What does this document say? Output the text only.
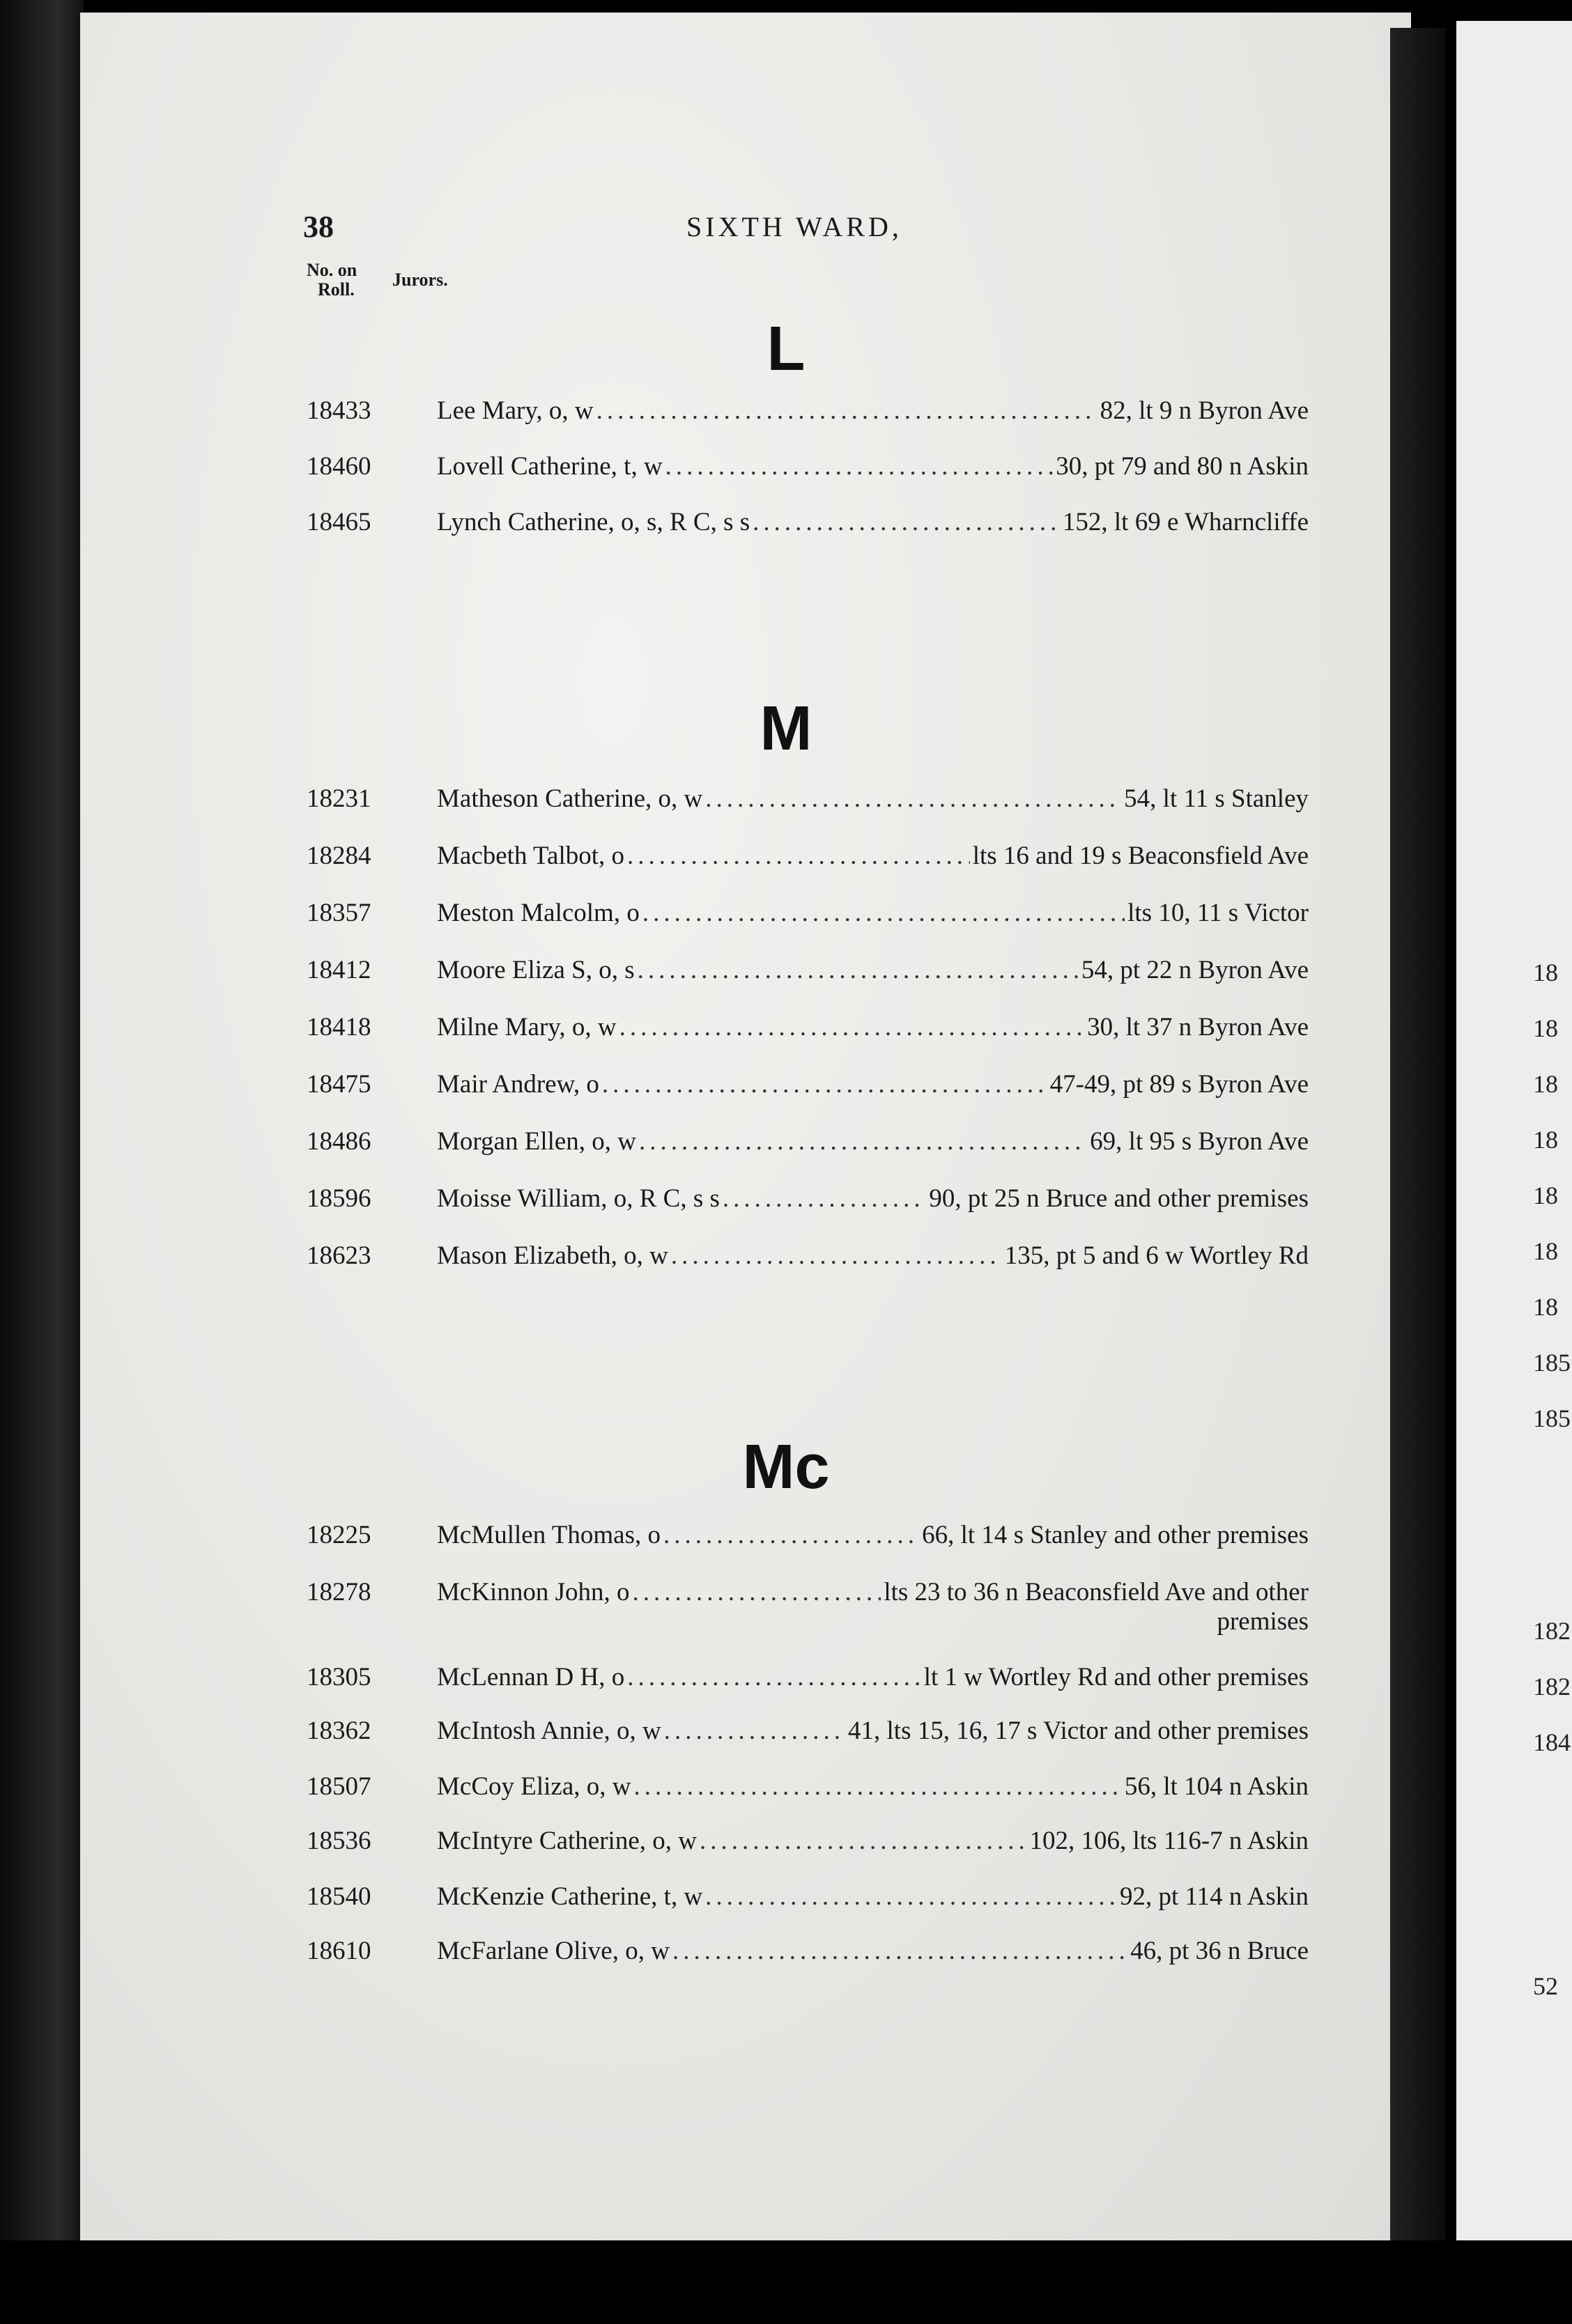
18
18
18
18
18
18
18
185
185
182
182
184
52
38	SIXTH WARD,
No. on
Roll. Jurors.
L
18433	Lee Mary, o, w .....	82, lt 9 n Byron Ave
18460	Lovell Catherine, t, w .....	30, pt 79 and 80 n Askin
18465	Lynch Catherine, o, s, R C, s s .....	152, lt 69 e Wharncliffe
M
18231	Matheson Catherine, o, w .....	54, lt 11 s Stanley
18284	Macbeth Talbot, o .....	lts 16 and 19 s Beaconsfield Ave
18357	Meston Malcolm, o .....	lts 10, 11 s Victor
18412	Moore Eliza S, o, s .....	54, pt 22 n Byron Ave
18418	Milne Mary, o, w .....	30, lt 37 n Byron Ave
18475	Mair Andrew, o .....	47-49, pt 89 s Byron Ave
18486	Morgan Ellen, o, w .....	69, lt 95 s Byron Ave
18596	Moisse William, o, R C, s s .....	90, pt 25 n Bruce and other premises
18623	Mason Elizabeth, o, w .....	135, pt 5 and 6 w Wortley Rd
Mc
18225	McMullen Thomas, o .....	66, lt 14 s Stanley and other premises
18278	McKinnon John, o .....	lts 23 to 36 n Beaconsfield Ave and other
premises
18305	McLennan D H, o .....	lt 1 w Wortley Rd and other premises
18362	McIntosh Annie, o, w .....	41, lts 15, 16, 17 s Victor and other premises
18507	McCoy Eliza, o, w .....	56, lt 104 n Askin
18536	McIntyre Catherine, o, w .....	102, 106, lts 116-7 n Askin
18540	McKenzie Catherine, t, w .....	92, pt 114 n Askin
18610	McFarlane Olive, o, w .....	46, pt 36 n Bruce
